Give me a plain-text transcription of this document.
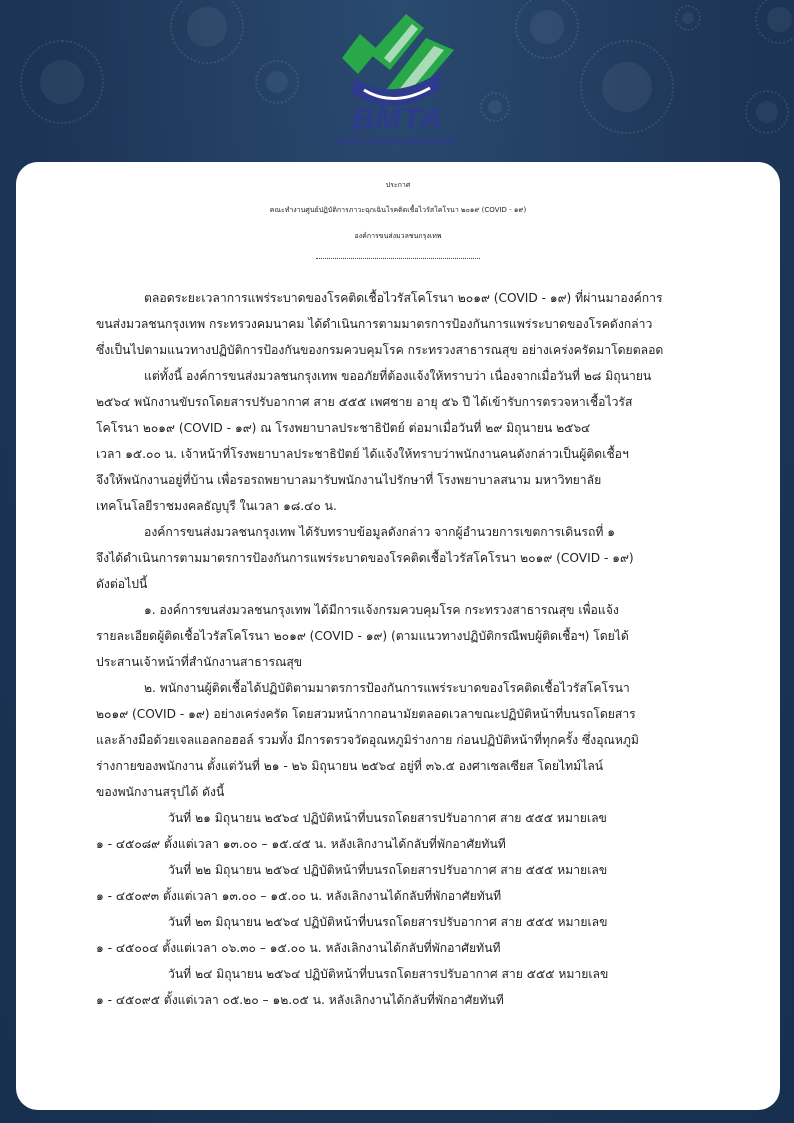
BMTA
องค์การขนส่งมวลชนกรุงเทพ
ประกาศ
คณะทำงานศูนย์ปฏิบัติการภาวะฉุกเฉินโรคติดเชื้อไวรัสโคโรนา ๒๐๑๙ (COVID - ๑๙)
องค์การขนส่งมวลชนกรุงเทพ
ตลอดระยะเวลาการแพร่ระบาดของโรคติดเชื้อไวรัสโคโรนา ๒๐๑๙ (COVID - ๑๙) ที่ผ่านมาองค์การ
ขนส่งมวลชนกรุงเทพ กระทรวงคมนาคม ได้ดำเนินการตามมาตรการป้องกันการแพร่ระบาดของโรคดังกล่าว
ซึ่งเป็นไปตามแนวทางปฏิบัติการป้องกันของกรมควบคุมโรค กระทรวงสาธารณสุข อย่างเคร่งครัดมาโดยตลอด
แต่ทั้งนี้ องค์การขนส่งมวลชนกรุงเทพ ขออภัยที่ต้องแจ้งให้ทราบว่า เนื่องจากเมื่อวันที่ ๒๘ มิถุนายน
๒๕๖๔ พนักงานขับรถโดยสารปรับอากาศ สาย ๕๕๕ เพศชาย อายุ ๕๖ ปี ได้เข้ารับการตรวจหาเชื้อไวรัส
โคโรนา ๒๐๑๙ (COVID - ๑๙) ณ โรงพยาบาลประชาธิปัตย์ ต่อมาเมื่อวันที่ ๒๙ มิถุนายน ๒๕๖๔
เวลา ๑๕.๐๐ น. เจ้าหน้าที่โรงพยาบาลประชาธิปัตย์ ได้แจ้งให้ทราบว่าพนักงานคนดังกล่าวเป็นผู้ติดเชื้อฯ
จึงให้พนักงานอยู่ที่บ้าน เพื่อรอรถพยาบาลมารับพนักงานไปรักษาที่ โรงพยาบาลสนาม มหาวิทยาลัย
เทคโนโลยีราชมงคลธัญบุรี ในเวลา ๑๘.๔๐ น.
องค์การขนส่งมวลชนกรุงเทพ ได้รับทราบข้อมูลดังกล่าว จากผู้อำนวยการเขตการเดินรถที่ ๑
จึงได้ดำเนินการตามมาตรการป้องกันการแพร่ระบาดของโรคติดเชื้อไวรัสโคโรนา ๒๐๑๙ (COVID - ๑๙)
ดังต่อไปนี้
๑. องค์การขนส่งมวลชนกรุงเทพ ได้มีการแจ้งกรมควบคุมโรค กระทรวงสาธารณสุข เพื่อแจ้ง
รายละเอียดผู้ติดเชื้อไวรัสโคโรนา ๒๐๑๙ (COVID - ๑๙) (ตามแนวทางปฏิบัติกรณีพบผู้ติดเชื้อฯ) โดยได้
ประสานเจ้าหน้าที่สำนักงานสาธารณสุข
๒. พนักงานผู้ติดเชื้อได้ปฏิบัติตามมาตรการป้องกันการแพร่ระบาดของโรคติดเชื้อไวรัสโคโรนา
๒๐๑๙ (COVID - ๑๙) อย่างเคร่งครัด โดยสวมหน้ากากอนามัยตลอดเวลาขณะปฏิบัติหน้าที่บนรถโดยสาร
และล้างมือด้วยเจลแอลกอฮอล์ รวมทั้ง มีการตรวจวัดอุณหภูมิร่างกาย ก่อนปฏิบัติหน้าที่ทุกครั้ง ซึ่งอุณหภูมิ
ร่างกายของพนักงาน ตั้งแต่วันที่ ๒๑ - ๒๖ มิถุนายน ๒๕๖๔ อยู่ที่ ๓๖.๕ องศาเซลเซียส โดยไทม์ไลน์
ของพนักงานสรุปได้ ดังนี้
วันที่ ๒๑ มิถุนายน ๒๕๖๔ ปฏิบัติหน้าที่บนรถโดยสารปรับอากาศ สาย ๕๕๕ หมายเลข
๑ - ๔๕๐๘๙ ตั้งแต่เวลา ๑๓.๐๐ – ๑๕.๔๕ น. หลังเลิกงานได้กลับที่พักอาศัยทันที
วันที่ ๒๒ มิถุนายน ๒๕๖๔ ปฏิบัติหน้าที่บนรถโดยสารปรับอากาศ สาย ๕๕๕ หมายเลข
๑ - ๔๕๐๙๓ ตั้งแต่เวลา ๑๓.๐๐ – ๑๕.๐๐ น. หลังเลิกงานได้กลับที่พักอาศัยทันที
วันที่ ๒๓ มิถุนายน ๒๕๖๔ ปฏิบัติหน้าที่บนรถโดยสารปรับอากาศ สาย ๕๕๕ หมายเลข
๑ - ๔๕๐๐๔ ตั้งแต่เวลา ๐๖.๓๐ – ๑๕.๐๐ น. หลังเลิกงานได้กลับที่พักอาศัยทันที
วันที่ ๒๔ มิถุนายน ๒๕๖๔ ปฏิบัติหน้าที่บนรถโดยสารปรับอากาศ สาย ๕๕๕ หมายเลข
๑ - ๔๕๐๙๕ ตั้งแต่เวลา ๐๕.๒๐ – ๑๒.๐๕ น. หลังเลิกงานได้กลับที่พักอาศัยทันที
